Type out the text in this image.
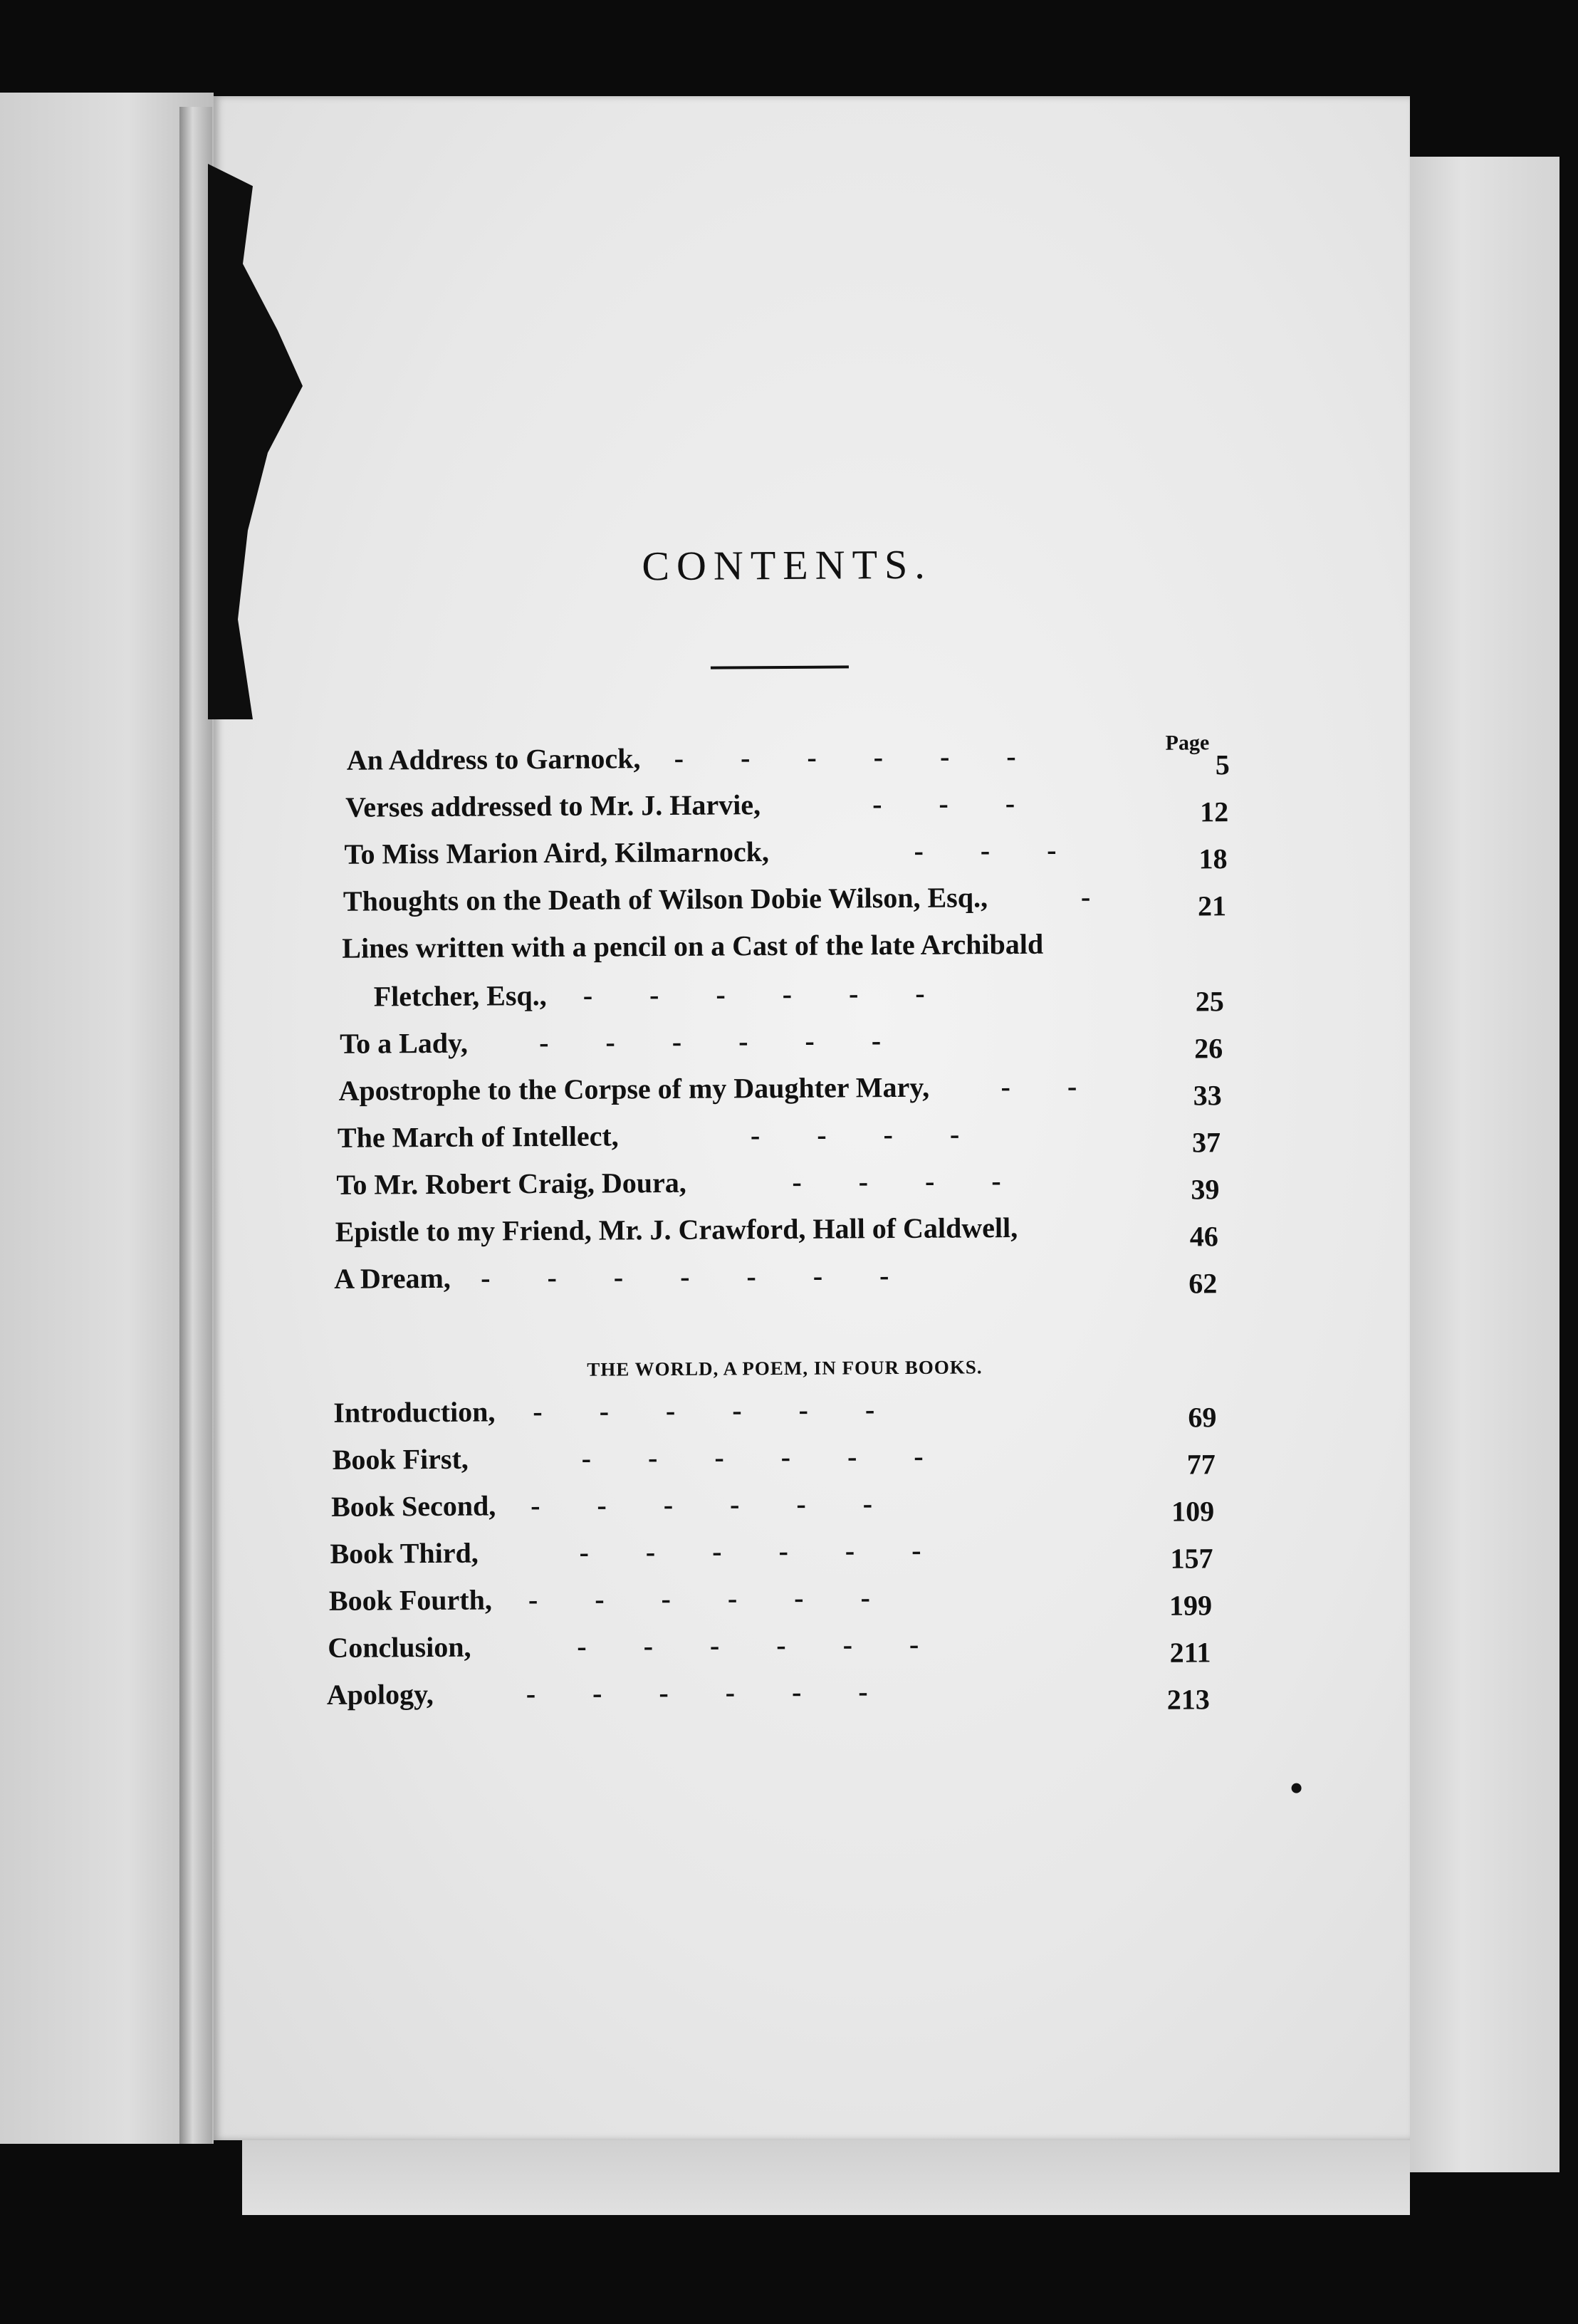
CONTENTS.
Page
An Address to Garnock, -        -        -        -        -        -	5
Verses addressed to Mr. J. Harvie,	-        -        -	12
To Miss Marion Aird, Kilmarnock,	-        -        -	18
Thoughts on the Death of Wilson Dobie Wilson, Esq.,	-	21
Lines written with a pencil on a Cast of the late Archibald
Fletcher, Esq., -        -        -        -        -        -	25
To a Lady, -        -        -        -        -        -	26
Apostrophe to the Corpse of my Daughter Mary,	-        -	33
The March of Intellect,	-        -        -        -	37
To Mr. Robert Craig, Doura,	-        -        -        -	39
Epistle to my Friend, Mr. J. Crawford, Hall of Caldwell,	46
A Dream, -        -        -        -        -        -        -	62
THE WORLD, A POEM, IN FOUR BOOKS.
Introduction, -        -        -        -        -        -	69
Book First,	-        -        -        -        -        -	77
Book Second, -        -        -        -        -        -	109
Book Third,	-        -        -        -        -        -	157
Book Fourth, -        -        -        -        -        -	199
Conclusion,	-        -        -        -        -        -	211
Apology,	-        -        -        -        -        -	213
